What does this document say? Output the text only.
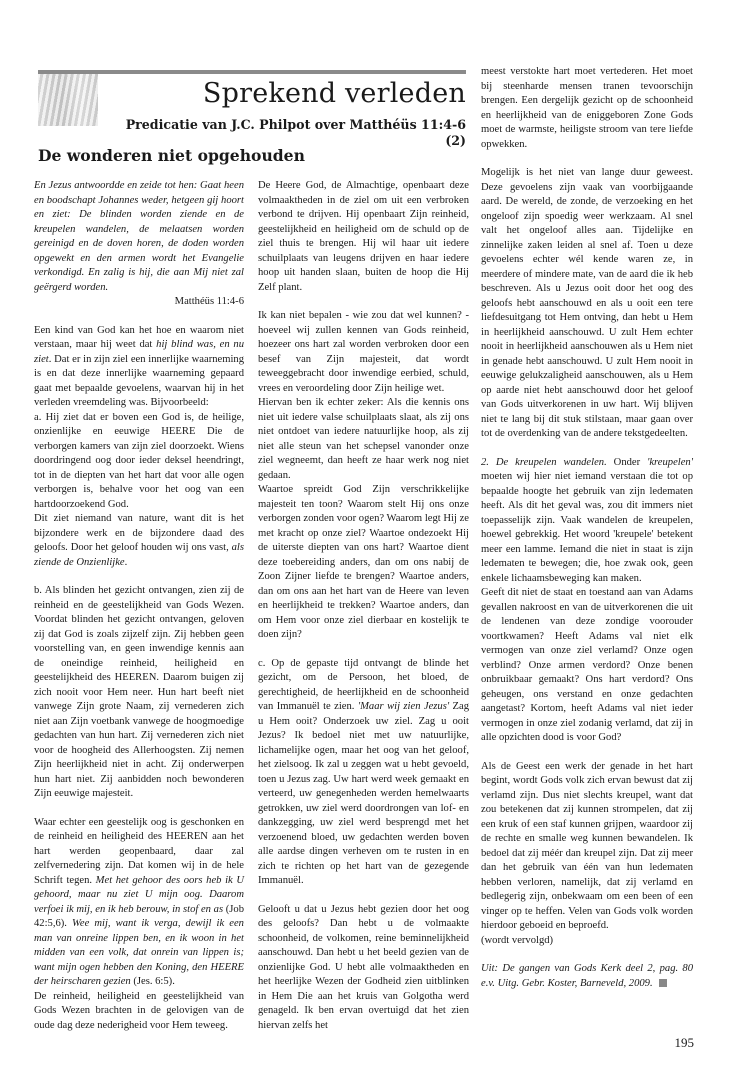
Sprekend verleden
Predicatie van J.C. Philpot over Matthéüs 11:4-6 (2)
De wonderen niet opgehouden

En Jezus antwoordde en zeide tot hen: Gaat heen en boodschapt Johannes weder, hetgeen gij hoort en ziet: De blinden worden ziende en de kreupelen wandelen, de melaatsen worden gereinigd en de doven horen, de doden worden opgewekt en den armen wordt het Evangelie verkondigd. En zalig is hij, die aan Mij niet zal geërgerd worden.

Matthéüs 11:4-6

Een kind van God kan het hoe en waarom niet verstaan, maar hij weet dat hij blind was, en nu ziet. Dat er in zijn ziel een innerlijke waarneming is en dat deze innerlijke waarneming gepaard gaat met bepaalde gevoelens, waarvan hij in het verleden vreemdeling was. Bijvoorbeeld:

a. Hij ziet dat er boven een God is, de heilige, onzienlijke en eeuwige HEERE Die de verborgen kamers van zijn ziel doorzoekt. Wiens doordringend oog door ieder deksel heendringt, tot in de diepten van het hart dat voor alle ogen verborgen is, behalve voor het oog van een hartdoorzoekend God.

Dit ziet niemand van nature, want dit is het bijzondere werk en de bijzondere daad des geloofs. Door het geloof houden wij ons vast, als ziende de Onzienlijke.

b. Als blinden het gezicht ontvangen, zien zij de reinheid en de geestelijkheid van Gods Wezen. Voordat blinden het gezicht ontvangen, geloven zij dat God is zoals zijzelf zijn. Zij hebben geen voorstelling van, en geen inwendige kennis aan de oneindige reinheid, heiligheid en geestelijkheid des HEEREN. Daarom buigen zij zich nooit voor Hem neer. Hun hart beeft niet vanwege Zijn grote Naam, zij vernederen zich niet aan Zijn voetbank vanwege de hoogmoedige gedachten van hun hart. Zij vernederen zich niet voor de hoogheid des Allerhoogsten. Zij nemen Zijn heerlijkheid niet in acht. Zij onderwerpen hun hart niet. Zij aanbidden noch bewonderen Zijn eeuwige majesteit.

Waar echter een geestelijk oog is geschonken en de reinheid en heiligheid des HEEREN aan het hart werden geopenbaard, daar zal zelfvernedering zijn. Dat komen wij in de hele Schrift tegen. Met het gehoor des oors heb ik U gehoord, maar nu ziet U mijn oog. Daarom verfoei ik mij, en ik heb berouw, in stof en as (Job 42:5,6). Wee mij, want ik verga, dewijl ik een man van onreine lippen ben, en ik woon in het midden van een volk, dat onrein van lippen is; want mijn ogen hebben den Koning, den HEERE der heirscharen gezien (Jes. 6:5).

De reinheid, heiligheid en geestelijkheid van Gods Wezen brachten in de gelovigen van de oude dag deze nederigheid voor Hem teweeg.

De Heere God, de Almachtige, openbaart deze volmaaktheden in de ziel om uit een verbroken verbond te drijven. Hij openbaart Zijn reinheid, geestelijkheid en heiligheid om de schuld op de ziel thuis te brengen. Hij wil haar uit iedere schuilplaats van leugens drijven en haar iedere hoop uit handen slaan, buiten de hoop die Hij Zelf plant.

Ik kan niet bepalen - wie zou dat wel kunnen? - hoeveel wij zullen kennen van Gods reinheid, hoezeer ons hart zal worden verbroken door een besef van Zijn majesteit, dat wordt teweeggebracht door inwendige eerbied, schuld, vrees en veroordeling door Zijn heilige wet.

Hiervan ben ik echter zeker: Als die kennis ons niet uit iedere valse schuilplaats slaat, als zij ons niet ontdoet van iedere natuurlijke hoop, als zij niet alle steun van het schepsel vanonder onze ziel wegneemt, dan heeft ze haar werk nog niet gedaan.

Waartoe spreidt God Zijn verschrikkelijke majesteit ten toon? Waarom stelt Hij ons onze verborgen zonden voor ogen? Waarom legt Hij ze met kracht op onze ziel? Waartoe ondezoekt Hij de uiterste diepten van ons hart? Waartoe dient deze toebereiding anders, dan om ons nabij de Zoon Zijner liefde te brengen? Waartoe anders, dan om ons aan het hart van de Heere van leven en heerlijkheid te trekken? Waartoe anders, dan om Hem voor onze ziel dierbaar en kostelijk te doen zijn?

c. Op de gepaste tijd ontvangt de blinde het gezicht, om de Persoon, het bloed, de gerechtigheid, de heerlijkheid en de schoonheid van Immanuël te zien. 'Maar wij zien Jezus' Zag u Hem ooit? Onderzoek uw ziel. Zag u ooit Jezus? Ik bedoel niet met uw natuurlijke, lichamelijke ogen, maar het oog van het geloof, het zielsoog. Ik zal u zeggen wat u hebt gevoeld, toen u Jezus zag. Uw hart werd week gemaakt en verteerd, uw genegenheden werden hemelwaarts getrokken, uw ziel werd doordrongen van lof- en dankzegging, uw ziel werd besprengd met het verzoenend bloed, uw gedachten werden boven alle aardse dingen verheven om te rusten in en zich te richten op het hart van de gezegende Immanuël.

Gelooft u dat u Jezus hebt gezien door het oog des geloofs? Dan hebt u de volmaakte schoonheid, de volkomen, reine beminnelijkheid aanschouwd. Dan hebt u het beeld gezien van de onzienlijke God. U hebt alle volmaaktheden en het heerlijke Wezen der Godheid zien uitblinken in Hem Die aan het kruis van Golgotha werd genageld. Ik ben ervan overtuigd dat het zien hiervan zelfs het

meest verstokte hart moet vertederen. Het moet bij steenharde mensen tranen tevoorschijn brengen. Een dergelijk gezicht op de schoonheid en heerlijkheid van de eniggeboren Zone Gods moet de warmste, heiligste stroom van tere liefde opwekken.

Mogelijk is het niet van lange duur geweest. Deze gevoelens zijn vaak van voorbijgaande aard. De wereld, de zonde, de verzoeking en het ongeloof zijn spoedig weer werkzaam. Al snel valt het ongeloof alles aan. Tijdelijke en zinnelijke zaken leiden al snel af. Toen u deze gevoelens echter wél kende waren ze, in meerdere of mindere mate, van de aard die ik heb beschreven. Als u Jezus ooit door het oog des geloofs hebt aanschouwd en als u ooit een tere liefdesuitgang tot Hem ontving, dan hebt u Hem in heerlijkheid aanschouwd. U zult Hem echter nooit in heerlijkheid aanschouwen als u Hem niet in genade hebt aanschouwd. U zult Hem nooit in eeuwige gelukzaligheid aanschouwen, als u Hem op aarde niet hebt aanschouwd door het geloof van Gods uitverkorenen in uw hart. Wij blijven niet te lang bij dit stuk stilstaan, maar gaan over tot de overdenking van de andere tekstgedeelten.

2. De kreupelen wandelen. Onder 'kreupelen' moeten wij hier niet iemand verstaan die tot op bepaalde hoogte het gebruik van zijn ledematen heeft. Als dit het geval was, zou dit immers niet toepasselijk zijn. Vaak wandelen de kreupelen, hoewel gebrekkig. Het woord 'kreupele' betekent meer een lamme. Iemand die niet in staat is zijn ledematen te bewegen; die, hoe zwak ook, geen enkele lichaamsbeweging kan maken.

Geeft dit niet de staat en toestand aan van Adams gevallen nakroost en van de uitverkorenen die uit de lendenen van deze zondige voorouder voortkwamen? Heeft Adams val niet elk vermogen van onze ziel verlamd? Onze ogen verblind? Onze armen verdord? Onze benen onbruikbaar gemaakt? Ons hart verdord? Ons geheugen, ons verstand en onze gedachten aangetast? Kortom, heeft Adams val niet ieder vermogen in onze ziel zodanig verlamd, dat zij in alle opzichten dood is voor God?

Als de Geest een werk der genade in het hart begint, wordt Gods volk zich ervan bewust dat zij verlamd zijn. Dus niet slechts kreupel, want dat zou betekenen dat zij kunnen strompelen, dat zij een kruk of een staf kunnen grijpen, waardoor zij de rechte en smalle weg kunnen bewandelen. Ik bedoel dat zij méér dan kreupel zijn. Dat zij meer dan het gebruik van één van hun ledematen hebben verloren, namelijk, dat zij verlamd en bedlegerig zijn, onbekwaam om een been of een vinger op te heffen. Velen van Gods volk worden hierdoor geboeid en beproefd.

(wordt vervolgd)

Uit: De gangen van Gods Kerk deel 2, pag. 80 e.v. Uitg. Gebr. Koster, Barneveld, 2009.

195
